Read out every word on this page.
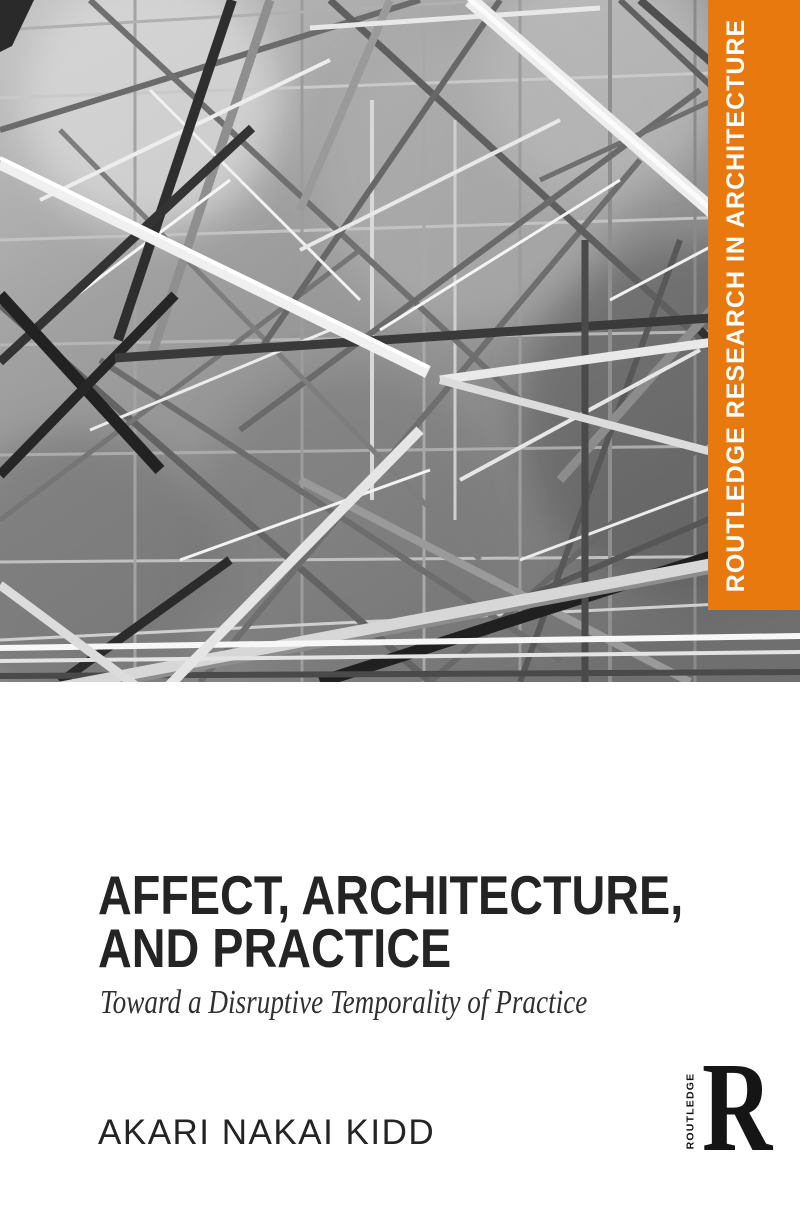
ROUTLEDGE RESEARCH IN ARCHITECTURE
AFFECT, ARCHITECTURE,
AND PRACTICE
Toward a Disruptive Temporality of Practice
AKARI NAKAI KIDD	ROUTLEDGE R
